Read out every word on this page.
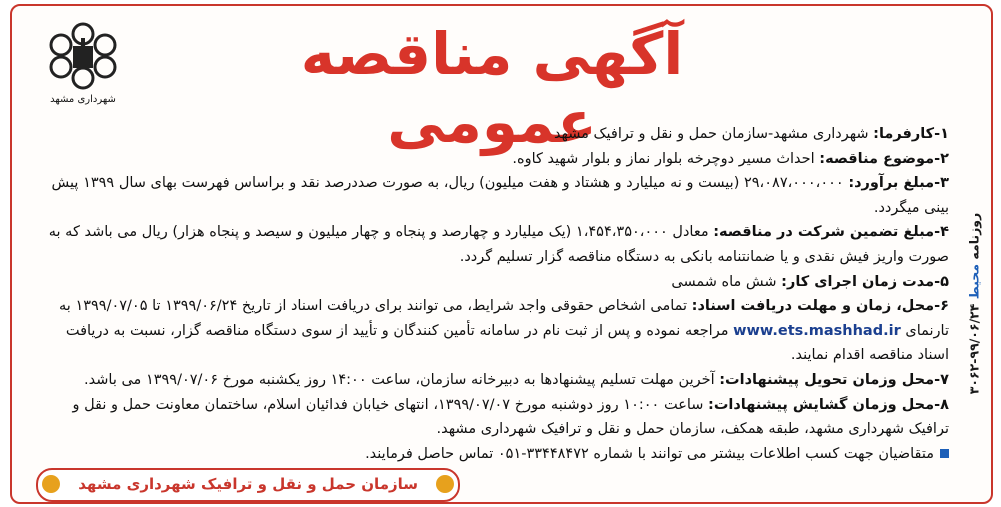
شهرداری مشهد
آگهی مناقصه عمومی	۱-کارفرما: شهرداری مشهد-سازمان حمل و نقل و ترافیک مشهد

۲-موضوع مناقصه: احداث مسیر دوچرخه بلوار نماز و بلوار شهید کاوه.

۳-مبلغ برآورد: ۲۹،۰۸۷،۰۰۰،۰۰۰ (بیست و نه میلیارد و هشتاد و هفت میلیون) ریال، به صورت صددرصد نقد و براساس فهرست بهای سال ۱۳۹۹ پیش بینی میگردد.

۴-مبلغ تضمین شرکت در مناقصه: معادل ۱،۴۵۴،۳۵۰،۰۰۰ (یک میلیارد و چهارصد و پنجاه و چهار میلیون و سیصد و پنجاه هزار) ریال می باشد که به صورت واریز فیش نقدی و یا ضمانتنامه بانکی به دستگاه مناقصه گزار تسلیم گردد.

۵-مدت زمان اجرای کار: شش ماه شمسی

۶-محل، زمان و مهلت دریافت اسناد: تمامی اشخاص حقوقی واجد شرایط، می توانند برای دریافت اسناد از تاریخ ۱۳۹۹/۰۶/۲۴ تا ۱۳۹۹/۰۷/۰۵ به تارنمای www.ets.mashhad.ir مراجعه نموده و پس از ثبت نام در سامانه تأمین کنندگان و تأیید از سوی دستگاه مناقصه گزار، نسبت به دریافت اسناد مناقصه اقدام نمایند.

۷-محل وزمان تحویل پیشنهادات: آخرین مهلت تسلیم پیشنهادها به دبیرخانه سازمان، ساعت ۱۴:۰۰ روز یکشنبه مورخ ۱۳۹۹/۰۷/۰۶ می باشد.

۸-محل وزمان گشایش پیشنهادات: ساعت ۱۰:۰۰ روز دوشنبه مورخ ۱۳۹۹/۰۷/۰۷، انتهای خیابان فدائیان اسلام، ساختمان معاونت حمل و نقل و ترافیک شهرداری مشهد، طبقه همکف، سازمان حمل و نقل و ترافیک شهرداری مشهد.

متقاضیان جهت کسب اطلاعات بیشتر می توانند با شماره ۳۳۴۴۸۴۷۲-۰۵۱ تماس حاصل فرمایند.

روزنامه محیط ۹۹/۰۶/۲۴-۳۰۶۲
سازمان حمل و نقل و ترافیک شهرداری مشهد
